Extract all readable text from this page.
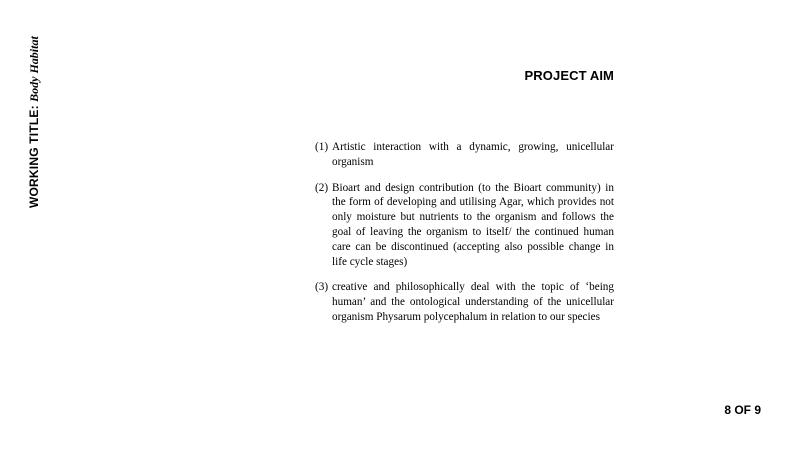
WORKING TITLE: Body Habitat	PROJECT AIM
(1) Artistic interaction with a dynamic, growing, unicellular organism
(2) Bioart and design contribution (to the Bioart community) in the form of developing and utilising Agar, which provides not only moisture but nutrients to the organism and follows the goal of leaving the organism to itself/ the continued human care can be discontinued (accepting also possible change in life cycle stages)
(3) creative and philosophically deal with the topic of ‘being human’ and the ontological understanding of the unicellular organism Physarum polycephalum in relation to our species
8 OF 9
